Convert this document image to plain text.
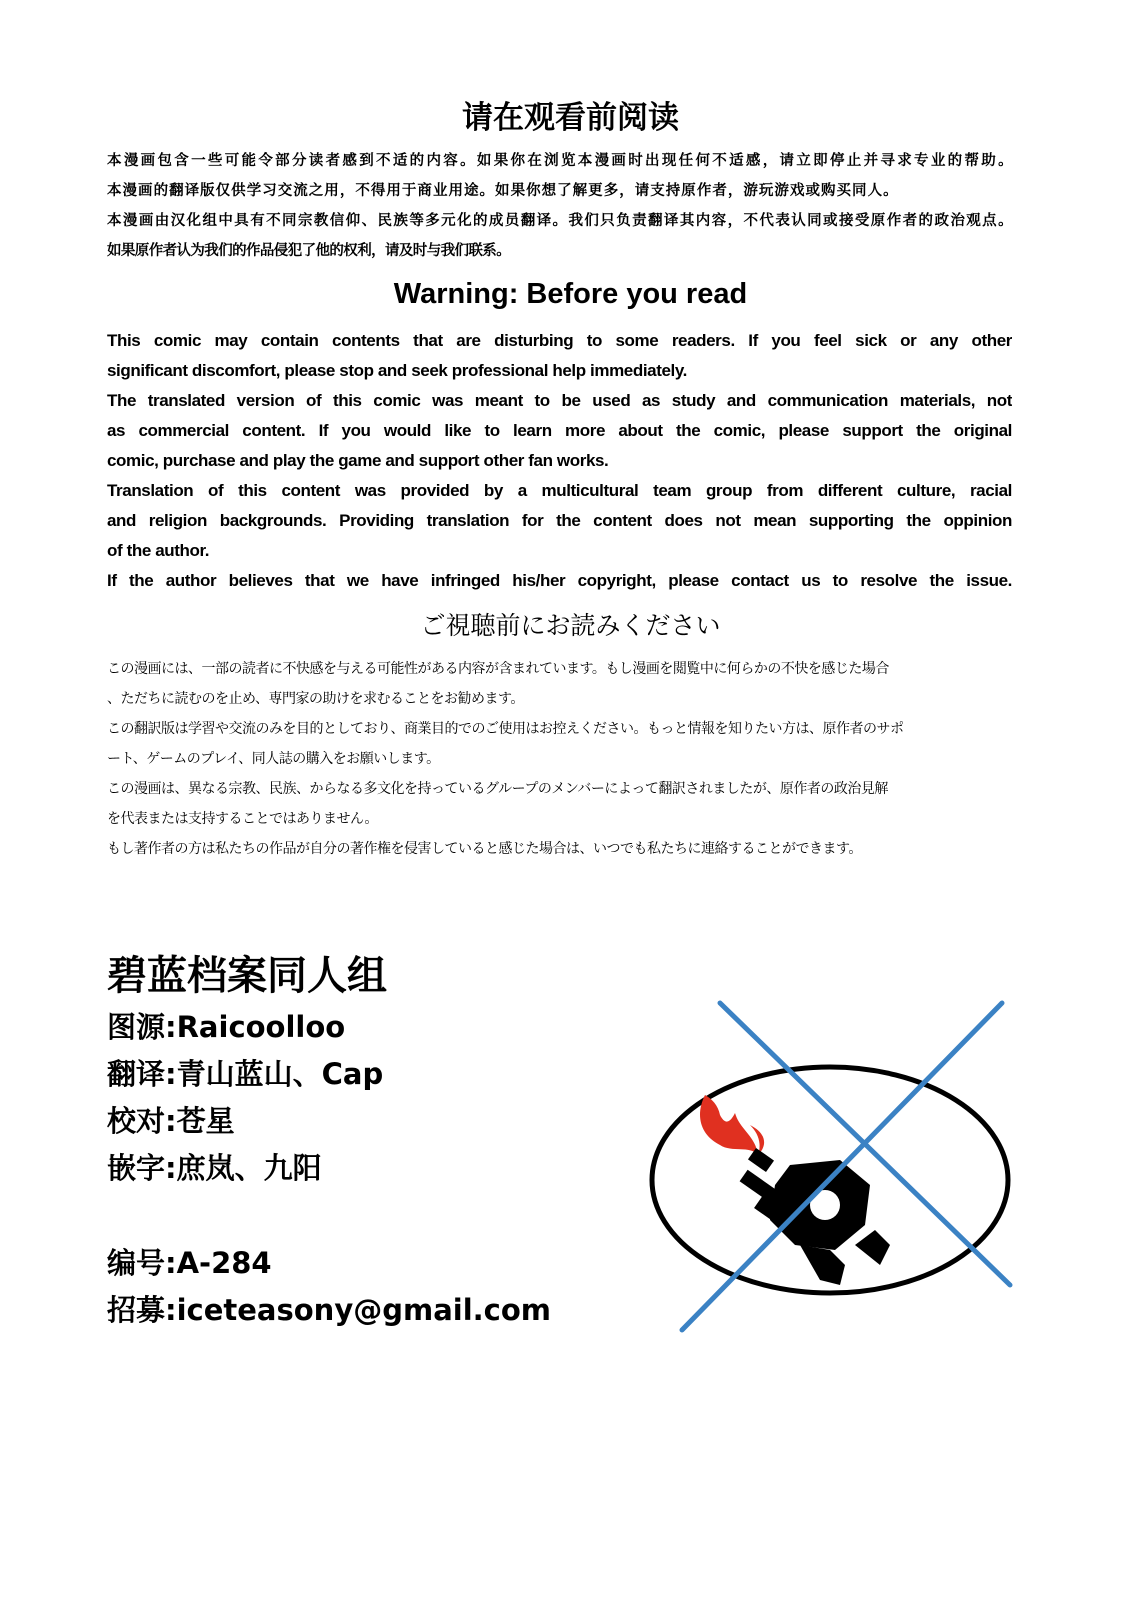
请在观看前阅读
本漫画包含一些可能令部分读者感到不适的内容。如果你在浏览本漫画时出现任何不适感，请立即停止并寻求专业的帮助。
本漫画的翻译版仅供学习交流之用，不得用于商业用途。如果你想了解更多，请支持原作者，游玩游戏或购买同人。
本漫画由汉化组中具有不同宗教信仰、民族等多元化的成员翻译。我们只负责翻译其内容，不代表认同或接受原作者的政治观点。
如果原作者认为我们的作品侵犯了他的权利，请及时与我们联系。
Warning: Before you read
This comic may contain contents that are disturbing to some readers. If you feel sick or any other
significant discomfort, please stop and seek professional help immediately.
The translated version of this comic was meant to be used as study and communication materials, not
as commercial content. If you would like to learn more about the comic, please support the original
comic, purchase and play the game and support other fan works.
Translation of this content was provided by a multicultural team group from different culture, racial
and religion backgrounds. Providing translation for the content does not mean supporting the oppinion
of the author.
If the author believes that we have infringed his/her copyright, please contact us to resolve the issue.
ご視聴前にお読みください
この漫画には、一部の読者に不快感を与える可能性がある内容が含まれています。もし漫画を閲覧中に何らかの不快を感じた場合
、ただちに読むのを止め、専門家の助けを求むることをお勧めます。
この翻訳版は学習や交流のみを目的としており、商業目的でのご使用はお控えください。もっと情報を知りたい方は、原作者のサポ
ート、ゲームのプレイ、同人誌の購入をお願いします。
この漫画は、異なる宗教、民族、からなる多文化を持っているグループのメンバーによって翻訳されましたが、原作者の政治見解
を代表または支持することではありません。
もし著作者の方は私たちの作品が自分の著作権を侵害していると感じた場合は、いつでも私たちに連絡することができます。
碧蓝档案同人组
图源:Raicoolloo
翻译:青山蓝山、Cap
校对:苍星
嵌字:庶岚、九阳
编号:A-284
招募:iceteasony@gmail.com
